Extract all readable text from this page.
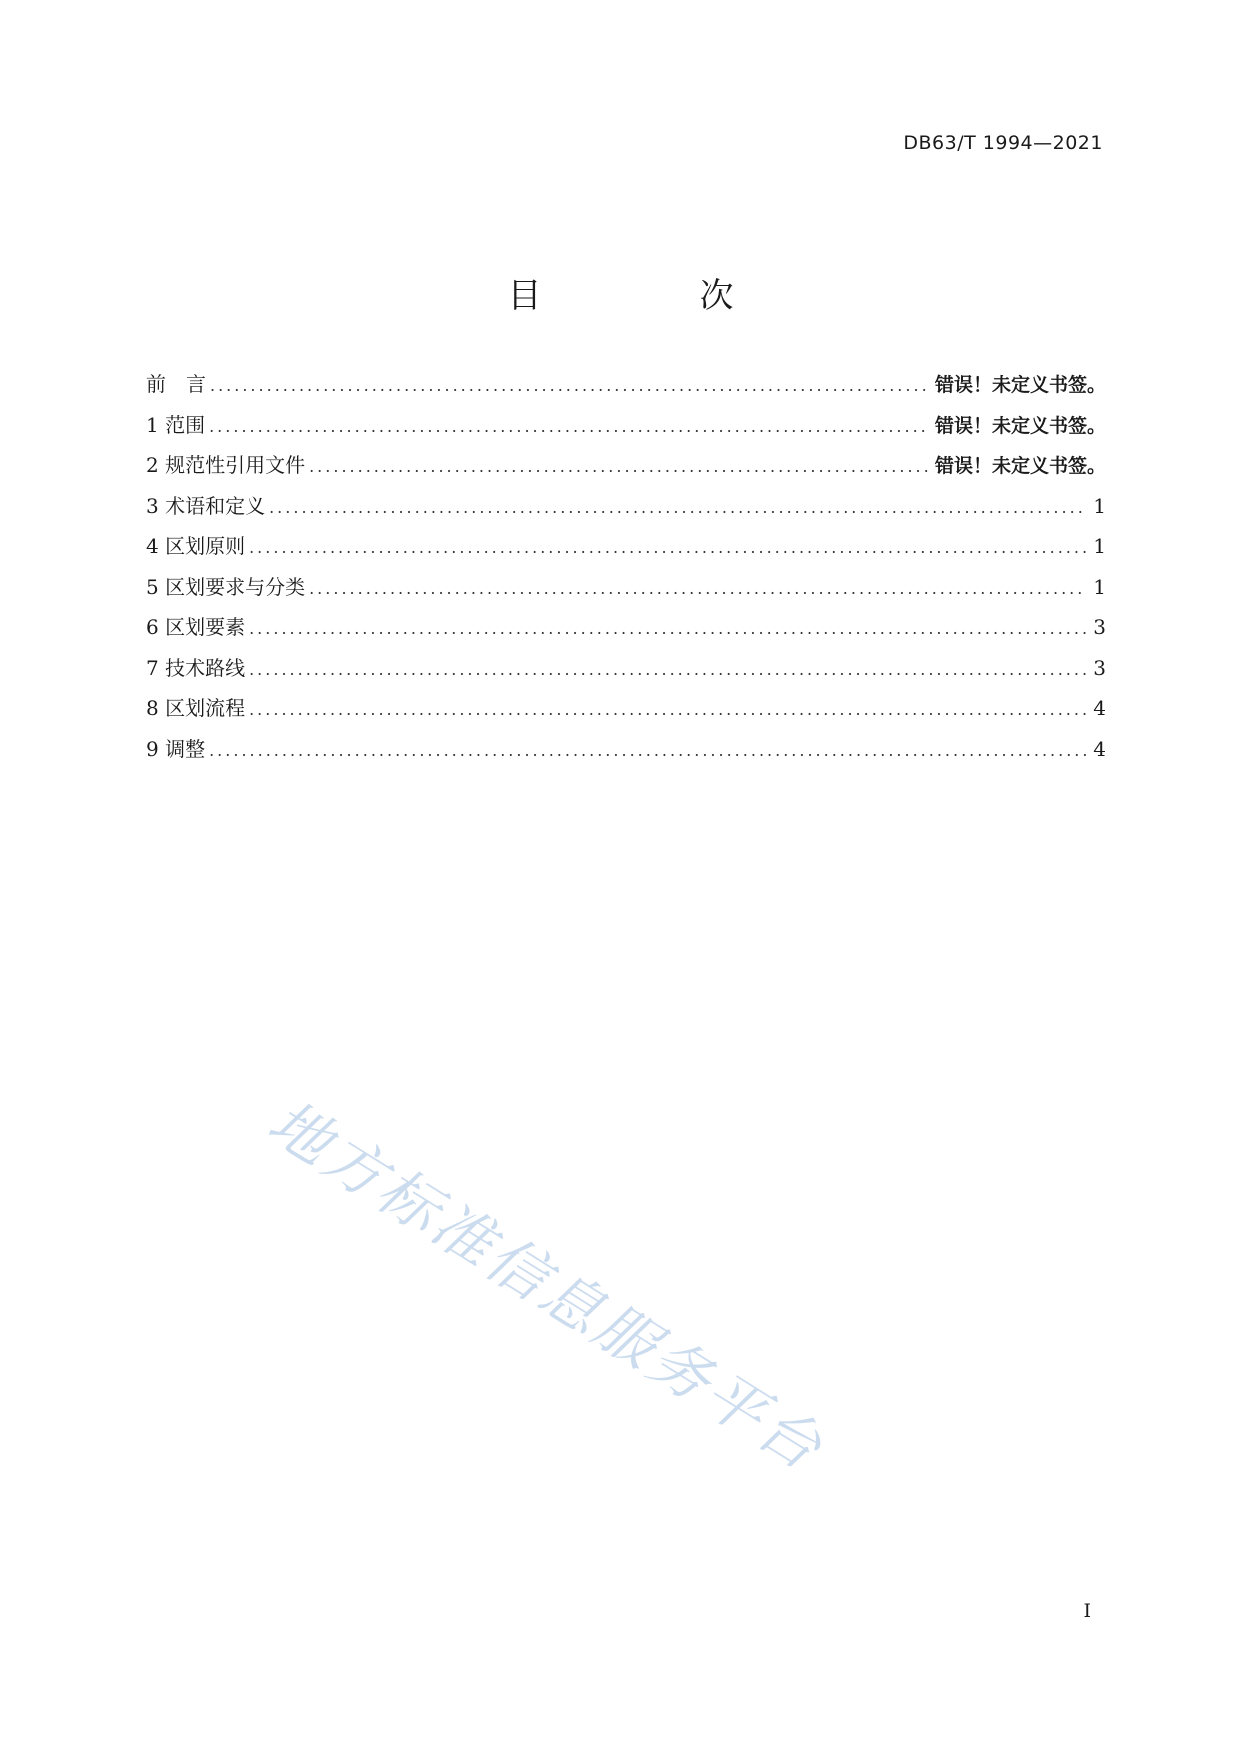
DB63/T 1994—2021

目　次
前　言 .....	错误！未定义书签。
1 范围 .....	错误！未定义书签。
2 规范性引用文件 .....	错误！未定义书签。
3 术语和定义 .....	1
4 区划原则 .....	1
5 区划要求与分类 .....	1
6 区划要素 .....	3
7 技术路线 .....	3
8 区划流程 .....	4
9 调整 .....	4

地方标准信息服务平台

I
